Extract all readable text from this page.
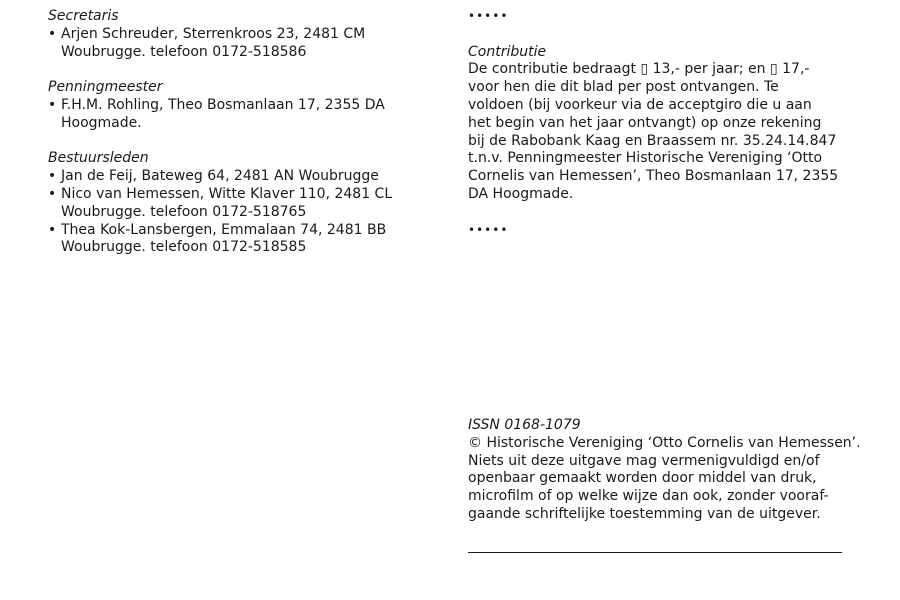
Secretaris

• Arjen Schreuder, Sterrenkroos 23, 2481 CM
Woubrugge. telefoon 0172-518586

Penningmeester

• F.H.M. Rohling, Theo Bosmanlaan 17, 2355 DA
Hoogmade.

Bestuursleden

• Jan de Feij, Bateweg 64, 2481 AN Woubrugge
• Nico van Hemessen, Witte Klaver 110, 2481 CL
Woubrugge. telefoon 0172-518765
• Thea Kok-Lansbergen, Emmalaan 74, 2481 BB
Woubrugge. telefoon 0172-518585

•••••

Contributie

De contributie bedraagt ▯ 13,- per jaar; en ▯ 17,-
voor hen die dit blad per post ontvangen. Te
voldoen (bij voorkeur via de acceptgiro die u aan
het begin van het jaar ontvangt) op onze rekening
bij de Rabobank Kaag en Braassem nr. 35.24.14.847
t.n.v. Penningmeester Historische Vereniging ‘Otto
Cornelis van Hemessen’, Theo Bosmanlaan 17, 2355
DA Hoogmade.

•••••

ISSN 0168-1079

© Historische Vereniging ‘Otto Cornelis van Hemessen’.
Niets uit deze uitgave mag vermenigvuldigd en/of
openbaar gemaakt worden door middel van druk,
microfilm of op welke wijze dan ook, zonder vooraf-
gaande schriftelijke toestemming van de uitgever.
